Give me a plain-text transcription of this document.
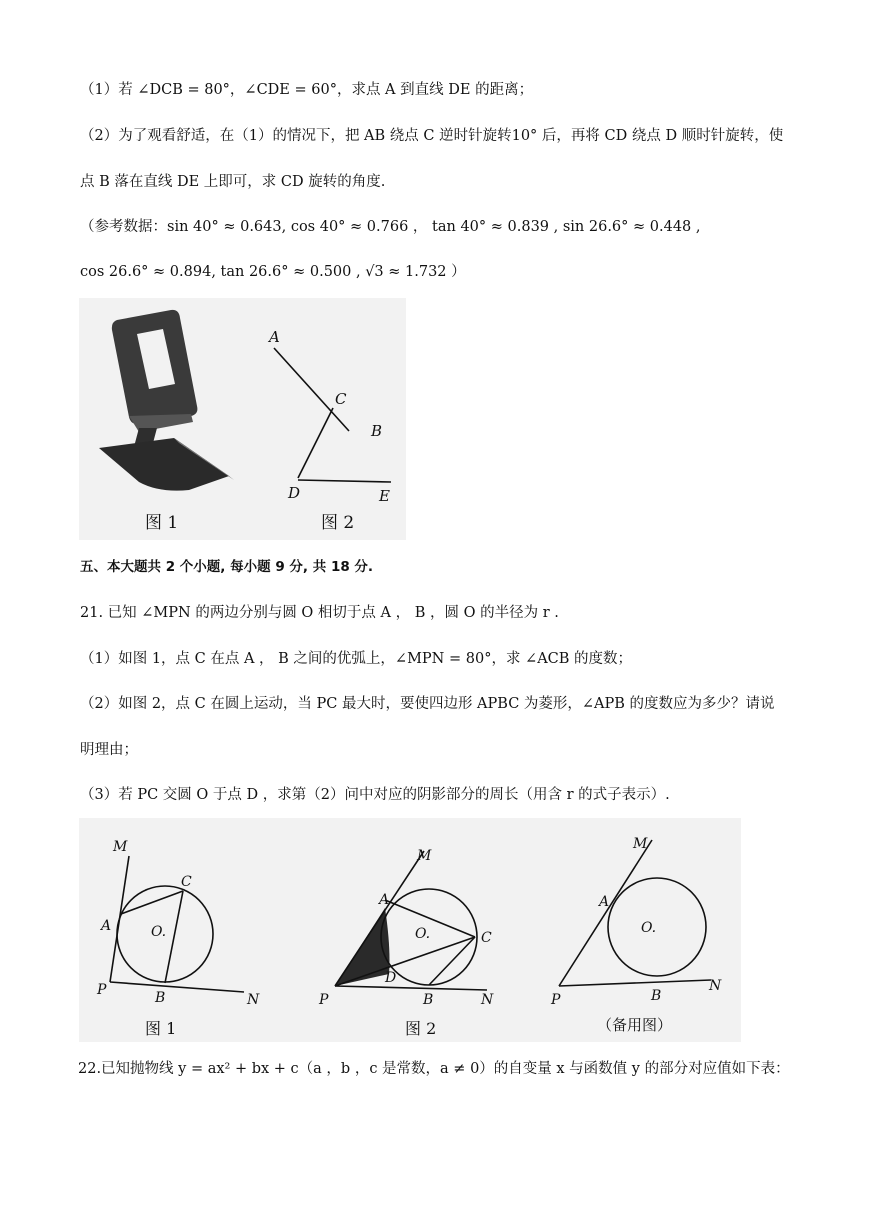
（1）若 ∠DCB = 80°，∠CDE = 60°，求点 A 到直线 DE 的距离；
（2）为了观看舒适，在（1）的情况下，把 AB 绕点 C 逆时针旋转10° 后，再将 CD 绕点 D 顺时针旋转，使
点 B 落在直线 DE 上即可，求 CD 旋转的角度.
（参考数据：sin 40° ≈ 0.643, cos 40° ≈ 0.766 ， tan 40° ≈ 0.839 , sin 26.6° ≈ 0.448 ,
cos 26.6° ≈ 0.894, tan 26.6° ≈ 0.500 , √3 ≈ 1.732 ）
A
C
B
D	E
图 1	图 2
五、本大题共 2 个小题, 每小题 9 分, 共 18 分.
21. 已知 ∠MPN 的两边分别与圆 O 相切于点 A ， B ，圆 O 的半径为 r .
（1）如图 1，点 C 在点 A ， B 之间的优弧上，∠MPN = 80°，求 ∠ACB 的度数；
（2）如图 2，点 C 在圆上运动，当 PC 最大时，要使四边形 APBC 为菱形，∠APB 的度数应为多少？请说
明理由；
（3）若 PC 交圆 O 于点 D ，求第（2）问中对应的阴影部分的周长（用含 r 的式子表示）.
M
A
C
O.
P	B	N
图 1
M
A
C
O.
D
P	B	N
图 2
M
A
O.
P	B
N
（备用图）
22.已知抛物线 y = ax² + bx + c（a ，b ，c 是常数，a ≠ 0）的自变量 x 与函数值 y 的部分对应值如下表：
